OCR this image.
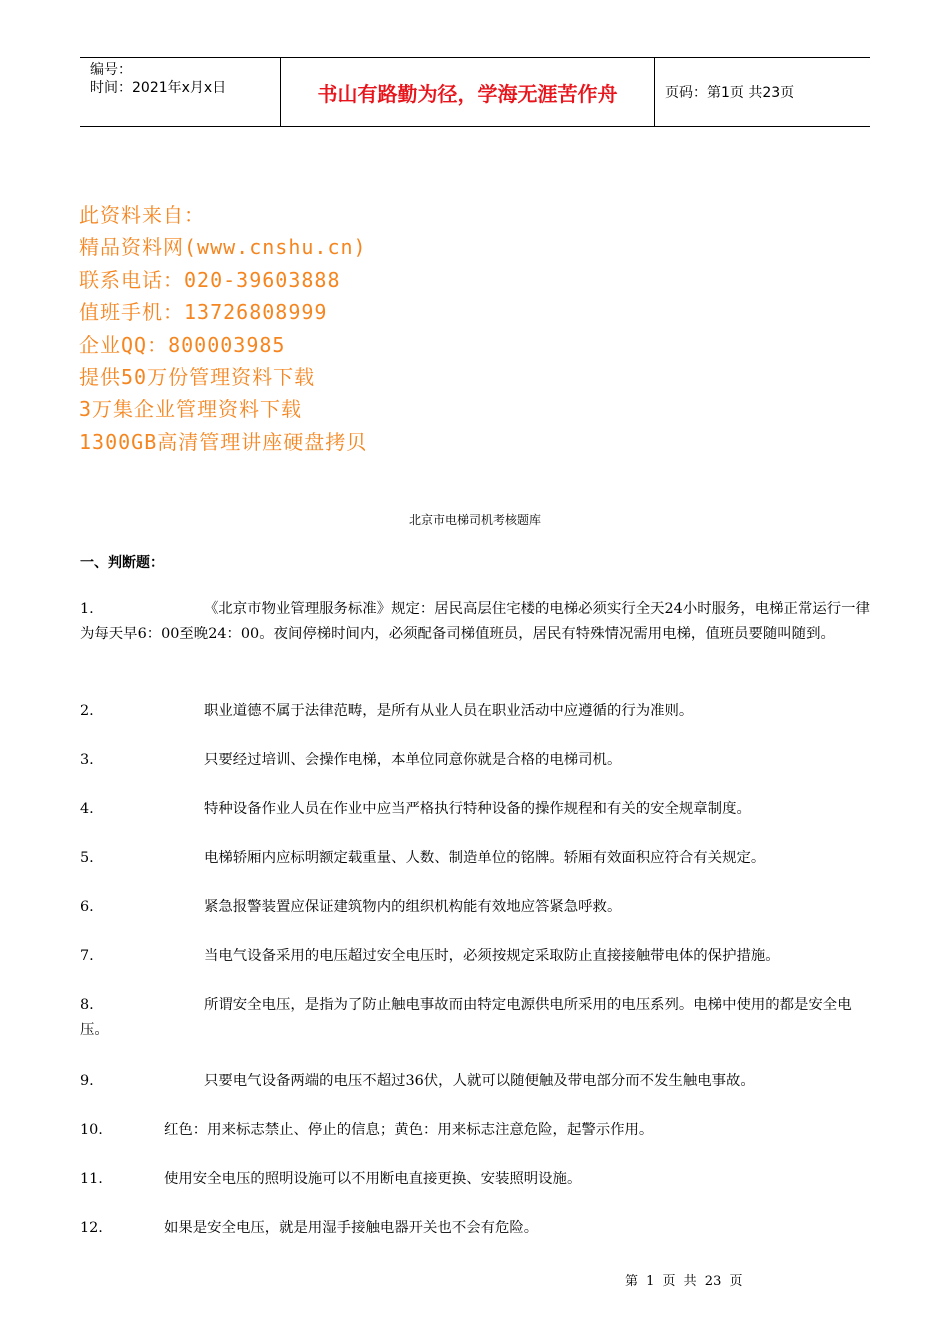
编号：
时间：2021年x月x日	书山有路勤为径，学海无涯苦作舟	页码：第1页 共23页
此资料来自：
精品资料网(www.cnshu.cn)
联系电话：020-39603888
值班手机：13726808999
企业QQ：800003985
提供50万份管理资料下载
3万集企业管理资料下载
1300GB高清管理讲座硬盘拷贝
北京市电梯司机考核题库
一、判断题：
1.	《北京市物业管理服务标准》规定：居民高层住宅楼的电梯必须实行全天24小时服务，电梯正常运行一律为每天早6：00至晚24：00。夜间停梯时间内，必须配备司梯值班员，居民有特殊情况需用电梯，值班员要随叫随到。
2.	职业道德不属于法律范畴，是所有从业人员在职业活动中应遵循的行为准则。
3.	只要经过培训、会操作电梯，本单位同意你就是合格的电梯司机。
4.	特种设备作业人员在作业中应当严格执行特种设备的操作规程和有关的安全规章制度。
5.	电梯轿厢内应标明额定载重量、人数、制造单位的铭牌。轿厢有效面积应符合有关规定。
6.	紧急报警装置应保证建筑物内的组织机构能有效地应答紧急呼救。
7.	当电气设备采用的电压超过安全电压时，必须按规定采取防止直接接触带电体的保护措施。
8.	所谓安全电压，是指为了防止触电事故而由特定电源供电所采用的电压系列。电梯中使用的都是安全电压。
9.	只要电气设备两端的电压不超过36伏，人就可以随便触及带电部分而不发生触电事故。
10.	红色：用来标志禁止、停止的信息；黄色：用来标志注意危险，起警示作用。
11.	使用安全电压的照明设施可以不用断电直接更换、安装照明设施。
12.	如果是安全电压，就是用湿手接触电器开关也不会有危险。
第 1 页 共 23 页
